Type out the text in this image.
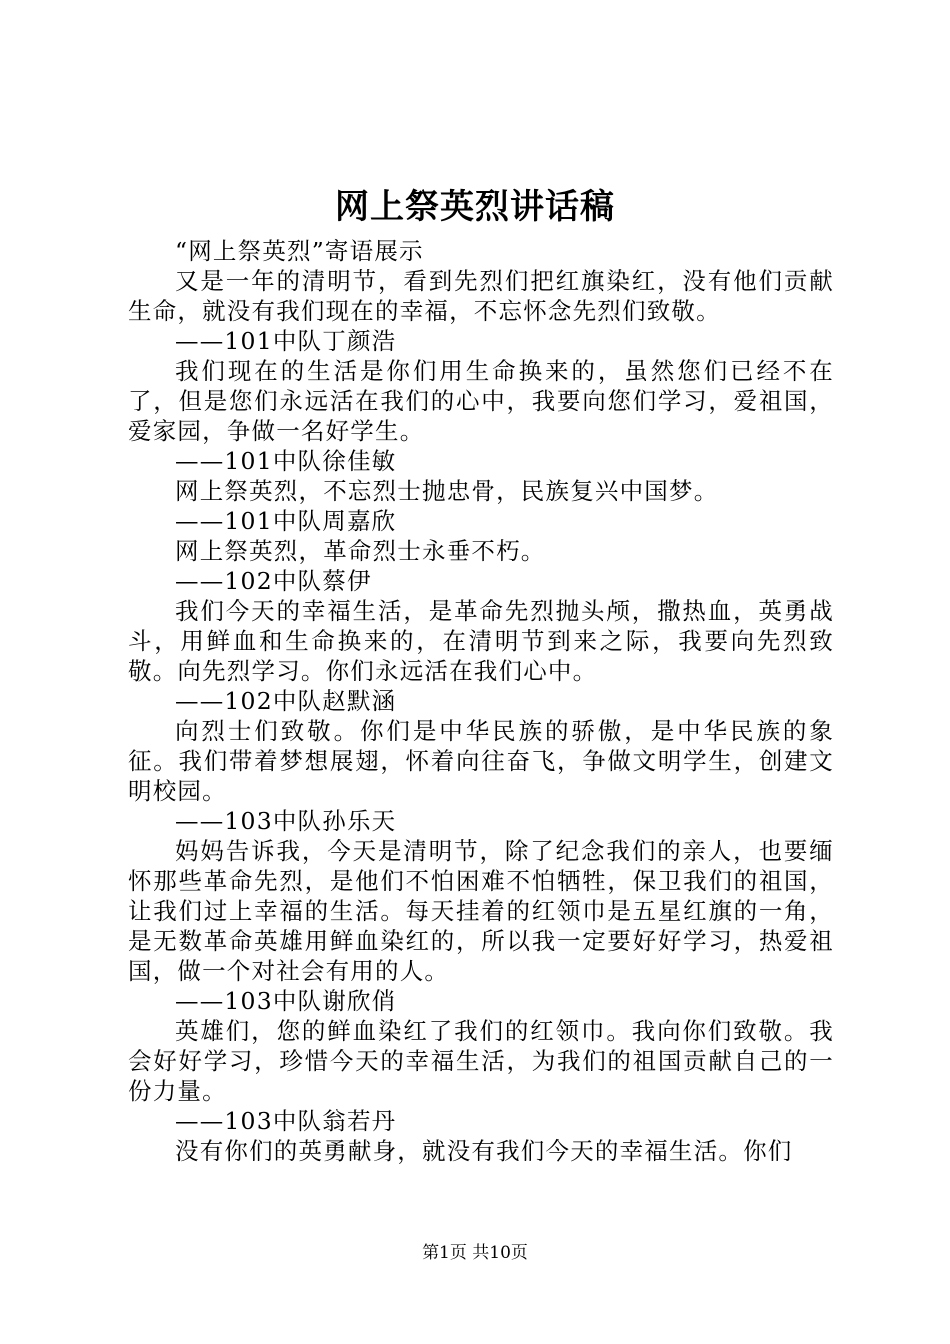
网上祭英烈讲话稿

“网上祭英烈”寄语展示

又是一年的清明节，看到先烈们把红旗染红，没有他们贡献生命，就没有我们现在的幸福，不忘怀念先烈们致敬。

——101中队丁颜浩

我们现在的生活是你们用生命换来的，虽然您们已经不在了，但是您们永远活在我们的心中，我要向您们学习，爱祖国，爱家园，争做一名好学生。

——101中队徐佳敏

网上祭英烈，不忘烈士抛忠骨，民族复兴中国梦。

——101中队周嘉欣

网上祭英烈，革命烈士永垂不朽。

——102中队蔡伊

我们今天的幸福生活，是革命先烈抛头颅，撒热血，英勇战斗，用鲜血和生命换来的，在清明节到来之际，我要向先烈致敬。向先烈学习。你们永远活在我们心中。

——102中队赵默涵

向烈士们致敬。你们是中华民族的骄傲，是中华民族的象征。我们带着梦想展翅，怀着向往奋飞，争做文明学生，创建文明校园。

——103中队孙乐天

妈妈告诉我，今天是清明节，除了纪念我们的亲人，也要缅怀那些革命先烈，是他们不怕困难不怕牺牲，保卫我们的祖国，让我们过上幸福的生活。每天挂着的红领巾是五星红旗的一角，是无数革命英雄用鲜血染红的，所以我一定要好好学习，热爱祖国，做一个对社会有用的人。

——103中队谢欣俏

英雄们，您的鲜血染红了我们的红领巾。我向你们致敬。我会好好学习，珍惜今天的幸福生活，为我们的祖国贡献自己的一份力量。

——103中队翁若丹

没有你们的英勇献身，就没有我们今天的幸福生活。你们

第1页 共10页
